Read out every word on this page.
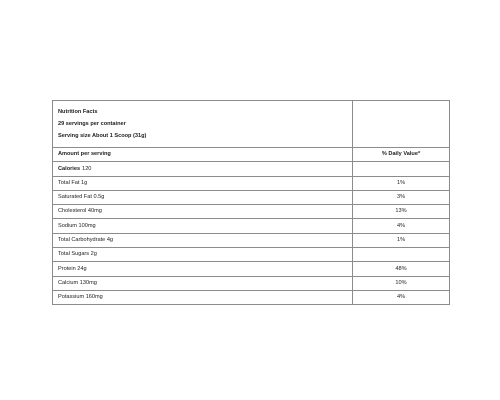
Nutrition Facts
29 servings per container
Serving size About 1 Scoop (31g)	

Amount per serving	% Daily Value*
Calories 120	
Total Fat 1g	1%
Saturated Fat 0.5g	3%
Cholesterol 40mg	13%
Sodium 100mg	4%
Total Carbohydrate 4g	1%
Total Sugars 2g	
Protein 24g	48%
Calcium 130mg	10%
Potassium 160mg	4%
